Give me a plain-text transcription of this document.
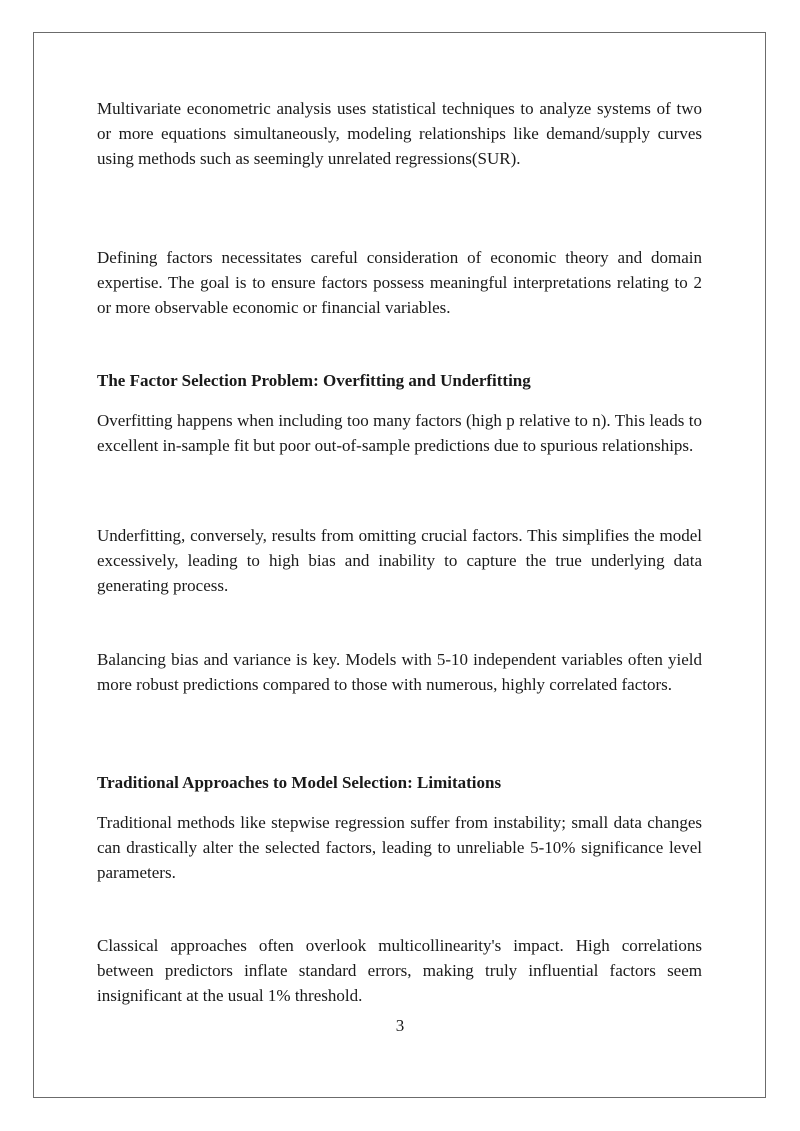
Multivariate econometric analysis uses statistical techniques to analyze systems of two or more equations simultaneously, modeling relationships like demand/supply curves using methods such as seemingly unrelated regressions(SUR).

Defining factors necessitates careful consideration of economic theory and domain expertise. The goal is to ensure factors possess meaningful interpretations relating to 2 or more observable economic or financial variables.

The Factor Selection Problem: Overfitting and Underfitting

Overfitting happens when including too many factors (high p relative to n). This leads to excellent in-sample fit but poor out-of-sample predictions due to spurious relationships.

Underfitting, conversely, results from omitting crucial factors. This simplifies the model excessively, leading to high bias and inability to capture the true underlying data generating process.

Balancing bias and variance is key. Models with 5-10 independent variables often yield more robust predictions compared to those with numerous, highly correlated factors.

Traditional Approaches to Model Selection: Limitations

Traditional methods like stepwise regression suffer from instability; small data changes can drastically alter the selected factors, leading to unreliable 5-10% significance level parameters.

Classical approaches often overlook multicollinearity's impact. High correlations between predictors inflate standard errors, making truly influential factors seem insignificant at the usual 1% threshold.

3
